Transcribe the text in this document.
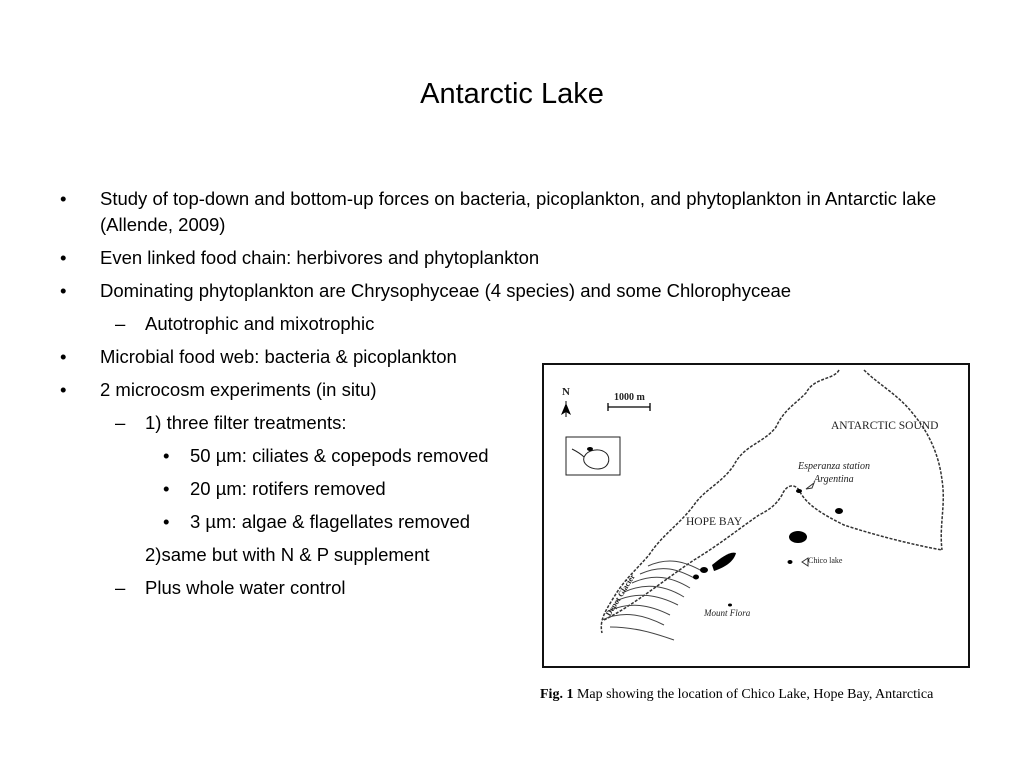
Antarctic Lake
• Study of top-down and bottom-up forces on bacteria, picoplankton, and phytoplankton in Antarctic lake (Allende, 2009)
• Even linked food chain: herbivores and phytoplankton
• Dominating phytoplankton are Chrysophyceae (4 species) and some Chlorophyceae
– Autotrophic and mixotrophic
• Microbial food web: bacteria & picoplankton
• 2 microcosm experiments (in situ)
– 1) three filter treatments:
• 50 µm: ciliates & copepods removed
• 20 µm: rotifers removed
• 3 µm: algae & flagellates removed
2)same but with N & P supplement
– Plus whole water control
N	1000 m
ANTARCTIC SOUND
Esperanza station
Argentina
HOPE BAY
Chico lake
Mount Flora
Depot Glacier
Fig. 1 Map showing the location of Chico Lake, Hope Bay, Antarctica
